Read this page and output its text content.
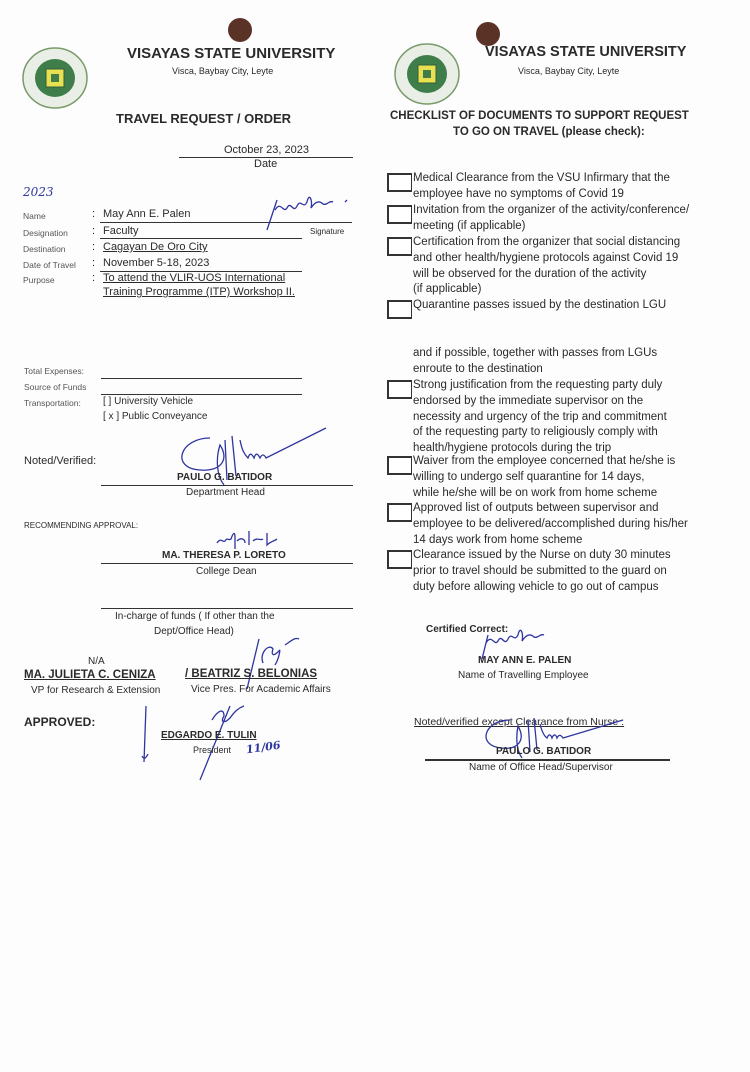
VISAYAS STATE UNIVERSITY
Visca, Baybay City, Leyte
TRAVEL REQUEST / ORDER
October 23, 2023
Date
2023
Name	: May Ann E. Palen
Signature
Designation : Faculty
Destination : Cagayan De Oro City
Date of Travel : November 5-18, 2023
Purpose	: To attend the VLIR-UOS International
Training Programme (ITP) Workshop II.
Total Expenses:
Source of Funds
Transportation: [ ] University Vehicle
[ x ] Public Conveyance
Noted/Verified:
PAULO G. BATIDOR
Department Head
RECOMMENDING APPROVAL:
MA. THERESA P. LORETO
College Dean
In-charge of funds ( If other than the
Dept/Office Head)
N/A
MA. JULIETA C. CENIZA	/ BEATRIZ S. BELONIAS
VP for Research & Extension	Vice Pres. For Academic Affairs
APPROVED:
EDGARDO E. TULIN
President 11/06
VISAYAS STATE UNIVERSITY
Visca, Baybay City, Leyte
CHECKLIST OF DOCUMENTS TO SUPPORT REQUEST
TO GO ON TRAVEL (please check):
Medical Clearance from the VSU Infirmary that the
employee have no symptoms of Covid 19
Invitation from the organizer of the activity/conference/
meeting (if applicable)
Certification from the organizer that social distancing
and other health/hygiene protocols against Covid 19
will be observed for the duration of the activity
(if applicable)
Quarantine passes issued by the destination LGU
Strong justification from the requesting party duly
endorsed by the immediate supervisor on the
necessity and urgency of the trip and commitment
of the requesting party to religiously comply with
health/hygiene protocols during the trip
Waiver from the employee concerned that he/she is
willing to undergo self quarantine for 14 days,
while he/she will be on work from home scheme
Approved list of outputs between supervisor and
employee to be delivered/accomplished during his/her
14 days work from home scheme
Clearance issued by the Nurse on duty 30 minutes
prior to travel should be submitted to the guard on
duty before allowing vehicle to go out of campus
and if possible, together with passes from LGUs
enroute to the destination
Certified Correct:
MAY ANN E. PALEN
Name of Travelling Employee
Noted/verified except Clearance from Nurse :
PAULO G. BATIDOR
Name of Office Head/Supervisor
